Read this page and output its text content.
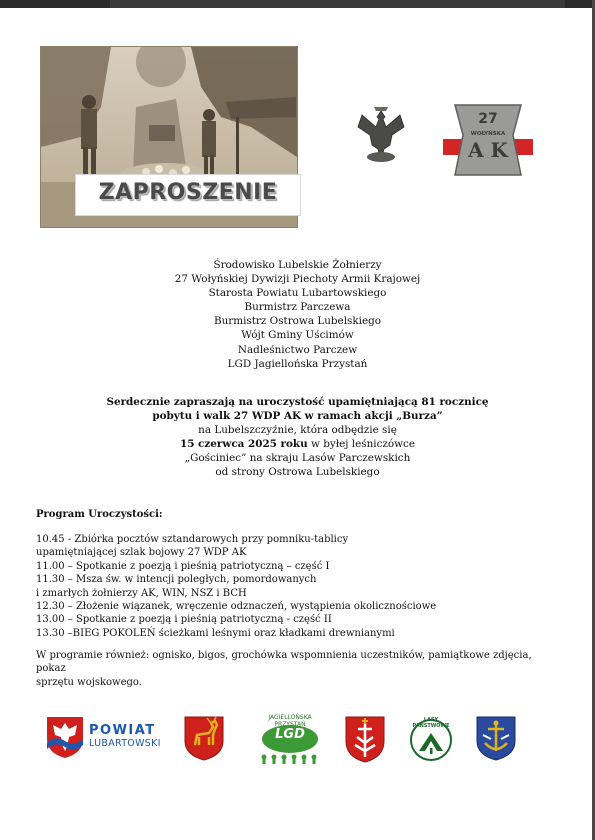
ZAPROSZENIE
27
WOŁYŃSKA
A K
Środowisko Lubelskie Żołnierzy
27 Wołyńskiej Dywizji Piechoty Armii Krajowej
Starosta Powiatu Lubartowskiego
Burmistrz Parczewa
Burmistrz Ostrowa Lubelskiego
Wójt Gminy Uścimów
Nadleśnictwo Parczew
LGD Jagiellońska Przystań
Serdecznie zapraszają na uroczystość upamiętniającą 81 rocznicę
pobytu i walk 27 WDP AK w ramach akcji „Burza”
na Lubelszczyźnie, która odbędzie się
15 czerwca 2025 roku w byłej leśniczówce
„Gościniec” na skraju Lasów Parczewskich
od strony Ostrowa Lubelskiego
Program Uroczystości:
10.45 - Zbiórka pocztów sztandarowych przy pomniku-tablicy
upamiętniającej szlak bojowy 27 WDP AK
11.00 – Spotkanie z poezją i pieśnią patriotyczną – część I
11.30 – Msza św. w intencji poległych, pomordowanych
i zmarłych żołnierzy AK, WIN, NSZ i BCH
12.30 – Złożenie wiązanek, wręczenie odznaczeń, wystąpienia okolicznościowe
13.00 – Spotkanie z poezją i pieśnią patriotyczną - część II
13.30 –BIEG POKOLEŃ ścieżkami leśnymi oraz kładkami drewnianymi
W programie również: ognisko, bigos, grochówka wspomnienia uczestników, pamiątkowe zdjęcia, pokaz
sprzętu wojskowego.
POWIAT
LUBARTOWSKI
JAGIELLOŃSKA PRZYSTAŃ
LGD
LASY PAŃSTWOWE
